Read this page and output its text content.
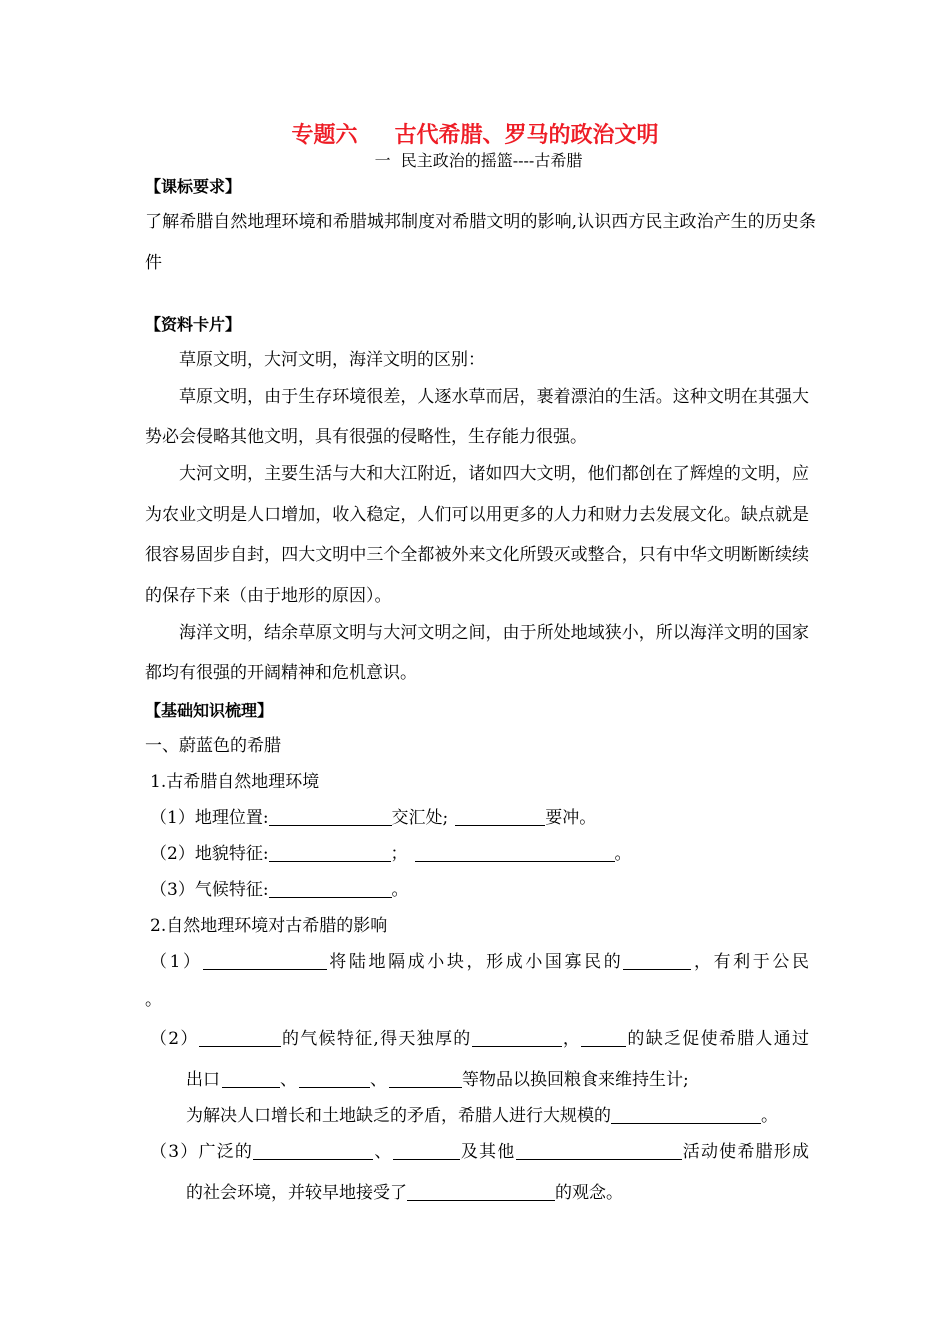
专题六 古代希腊、罗马的政治文明
一 民主政治的摇篮----古希腊
【课标要求】
了解希腊自然地理环境和希腊城邦制度对希腊文明的影响,认识西方民主政治产生的历史条件
【资料卡片】

草原文明，大河文明，海洋文明的区别：

草原文明，由于生存环境很差，人逐水草而居，裹着漂泊的生活。这种文明在其强大势必会侵略其他文明，具有很强的侵略性，生存能力很强。

大河文明，主要生活与大和大江附近，诸如四大文明，他们都创在了辉煌的文明，应为农业文明是人口增加，收入稳定，人们可以用更多的人力和财力去发展文化。缺点就是很容易固步自封，四大文明中三个全都被外来文化所毁灭或整合，只有中华文明断断续续的保存下来（由于地形的原因）。

海洋文明，结余草原文明与大河文明之间，由于所处地域狭小，所以海洋文明的国家都均有很强的开阔精神和危机意识。

【基础知识梳理】
一、蔚蓝色的希腊
1.古希腊自然地理环境
（1）地理位置:	交汇处;	要冲。
（2）地貌特征:	；	。
（3）气候特征:	。
2.自然地理环境对古希腊的影响
（1）	将陆地隔成小块，形成小国寡民的	，有利于公民
。
（2）	的气候特征,得天独厚的	，	的缺乏促使希腊人通过
出口	、	、	等物品以换回粮食来维持生计;
为解决人口增长和土地缺乏的矛盾，希腊人进行大规模的	。
（3）广泛的	、	及其他	活动使希腊形成
的社会环境，并较早地接受了	的观念。
